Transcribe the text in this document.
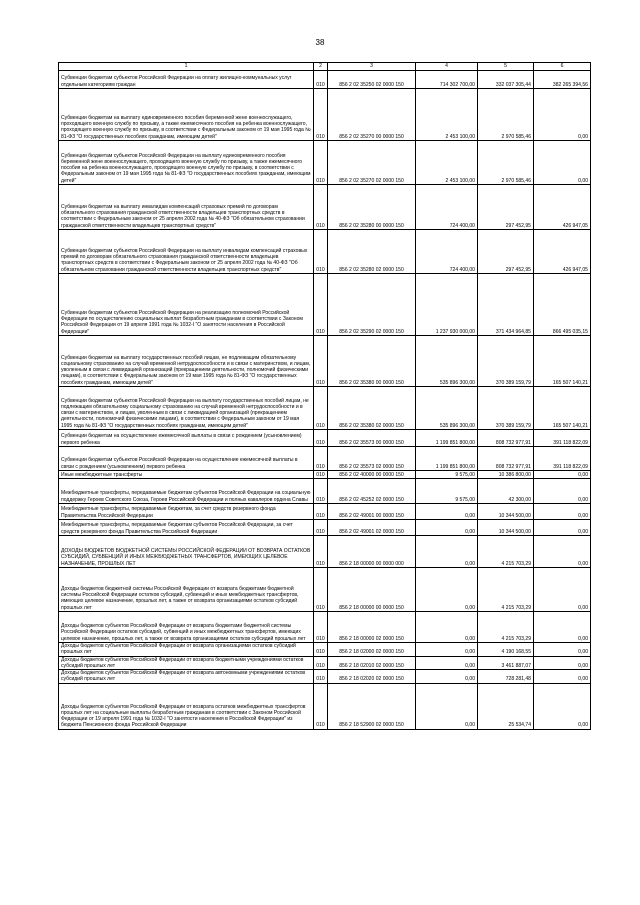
38
1	2	3	4	5	6
Субвенции бюджетам субъектов Российской Федерации на оплату жилищно-коммунальных услуг отдельным категориям граждан	010	856 2 02 35250 02 0000 150	714 302 700,00	332 037 305,44	382 265 394,56
Субвенции бюджетам на выплату единовременного пособия беременной жене военнослужащего, проходящего военную службу по призыву, а также ежемесячного пособия на ребенка военнослужащего, проходящего военную службу по призыву, в соответствии с Федеральным законом от 19 мая 1995 года № 81-ФЗ "О государственных пособиях гражданам, имеющим детей"	010	856 2 02 35270 00 0000 150	2 453 100,00	2 970 585,46	0,00
Субвенции бюджетам субъектов Российской Федерации на выплату единовременного пособия беременной жене военнослужащего, проходящего военную службу по призыву, а также ежемесячного пособия на ребенка военнослужащего, проходящего военную службу по призыву, в соответствии с Федеральным законом от 19 мая 1995 года № 81-ФЗ "О государственных пособиях гражданам, имеющим детей"	010	856 2 02 35270 02 0000 150	2 453 100,00	2 970 585,46	0,00
Субвенции бюджетам на выплату инвалидам компенсаций страховых премий по договорам обязательного страхования гражданской ответственности владельцев транспортных средств в соответствии с Федеральным законом от 25 апреля 2002 года № 40-ФЗ "Об обязательном страховании гражданской ответственности владельцев транспортных средств"	010	856 2 02 35280 00 0000 150	724 400,00	297 452,95	426 947,05
Субвенции бюджетам субъектов Российской Федерации на выплату инвалидам компенсаций страховых премий по договорам обязательного страхования гражданской ответственности владельцев транспортных средств в соответствии с Федеральным законом от 25 апреля 2002 года № 40-ФЗ "Об обязательном страховании гражданской ответственности владельцев транспортных средств"	010	856 2 02 35280 02 0000 150	724 400,00	297 452,95	426 947,05
Субвенции бюджетам субъектов Российской Федерации на реализацию полномочий Российской Федерации по осуществлению социальных выплат безработным гражданам в соответствии с Законом Российской Федерации от 19 апреля 1991 года № 1032-I "О занятости населения в Российской Федерации"	010	856 2 02 35290 02 0000 150	1 237 930 000,00	371 434 964,85	866 495 035,15
Субвенции бюджетам на выплату государственных пособий лицам, не подлежащим обязательному социальному страхованию на случай временной нетрудоспособности и в связи с материнством, и лицам, уволенным в связи с ликвидацией организаций (прекращением деятельности, полномочий физическими лицами), в соответствии с Федеральным законом от 19 мая 1995 года № 81-ФЗ "О государственных пособиях гражданам, имеющим детей"	010	856 2 02 35380 00 0000 150	535 896 300,00	370 389 159,79	165 507 140,21
Субвенции бюджетам субъектов Российской Федерации на выплату государственных пособий лицам, не подлежащим обязательному социальному страхованию на случай временной нетрудоспособности и в связи с материнством, и лицам, уволенным в связи с ликвидацией организаций (прекращением деятельности, полномочий физическими лицами), в соответствии с Федеральным законом от 19 мая 1995 года № 81-ФЗ "О государственных пособиях гражданам, имеющим детей"	010	856 2 02 35380 02 0000 150	535 896 300,00	370 389 159,79	165 507 140,21
Субвенции бюджетам на осуществление ежемесячной выплаты в связи с рождением (усыновлением) первого ребенка	010	856 2 02 35573 00 0000 150	1 199 851 800,00	808 732 977,91	391 118 822,09
Субвенции бюджетам субъектов Российской Федерации на осуществление ежемесячной выплаты в связи с рождением (усыновлением) первого ребенка	010	856 2 02 35573 02 0000 150	1 199 851 800,00	808 732 977,91	391 118 822,09
Иные межбюджетные трансферты	010	856 2 02 40000 00 0000 150	9 575,00	10 386 800,00	0,00
Межбюджетные трансферты, передаваемые бюджетам субъектов Российской Федерации на социальную поддержку Героев Советского Союза, Героев Российской Федерации и полных кавалеров ордена Славы	010	856 2 02 45252 02 0000 150	9 575,00	42 300,00	0,00
Межбюджетные трансферты, передаваемые бюджетам, за счет средств резервного фонда Правительства Российской Федерации	010	856 2 02 49001 00 0000 150	0,00	10 344 500,00	0,00
Межбюджетные трансферты, передаваемые бюджетам субъектов Российской Федерации, за счет средств резервного фонда Правительства Российской Федерации	010	856 2 02 49001 02 0000 150	0,00	10 344 500,00	0,00
ДОХОДЫ БЮДЖЕТОВ БЮДЖЕТНОЙ СИСТЕМЫ РОССИЙСКОЙ ФЕДЕРАЦИИ ОТ ВОЗВРАТА ОСТАТКОВ СУБСИДИЙ, СУБВЕНЦИЙ И ИНЫХ МЕЖБЮДЖЕТНЫХ ТРАНСФЕРТОВ, ИМЕЮЩИХ ЦЕЛЕВОЕ НАЗНАЧЕНИЕ, ПРОШЛЫХ ЛЕТ	010	856 2 18 00000 00 0000 000	0,00	4 215 703,29	0,00
Доходы бюджетов бюджетной системы Российской Федерации от возврата бюджетами бюджетной системы Российской Федерации остатков субсидий, субвенций и иных межбюджетных трансфертов, имеющих целевое назначение, прошлых лет, а также от возврата организациями остатков субсидий прошлых лет	010	856 2 18 00000 00 0000 150	0,00	4 215 703,29	0,00
Доходы бюджетов субъектов Российской Федерации от возврата бюджетами бюджетной системы Российской Федерации остатков субсидий, субвенций и иных межбюджетных трансфертов, имеющих целевое назначение, прошлых лет, а также от возврата организациями остатков субсидий прошлых лет	010	856 2 18 00000 02 0000 150	0,00	4 215 703,29	0,00
Доходы бюджетов субъектов Российской Федерации от возврата организациями остатков субсидий прошлых лет	010	856 2 18 02000 02 0000 150	0,00	4 190 168,55	0,00
Доходы бюджетов субъектов Российской Федерации от возврата бюджетными учреждениями остатков субсидий прошлых лет	010	856 2 18 02010 02 0000 150	0,00	3 461 887,07	0,00
Доходы бюджетов субъектов Российской Федерации от возврата автономными учреждениями остатков субсидий прошлых лет	010	856 2 18 02020 02 0000 150	0,00	728 281,48	0,00
Доходы бюджетов субъектов Российской Федерации от возврата остатков межбюджетных трансфертов прошлых лет на социальные выплаты безработным гражданам в соответствии с Законом Российской Федерации от 19 апреля 1991 года № 1032-I "О занятости населения в Российской Федерации" из бюджета Пенсионного фонда Российской Федерации	010	856 2 18 52900 02 0000 150	0,00	25 534,74	0,00
